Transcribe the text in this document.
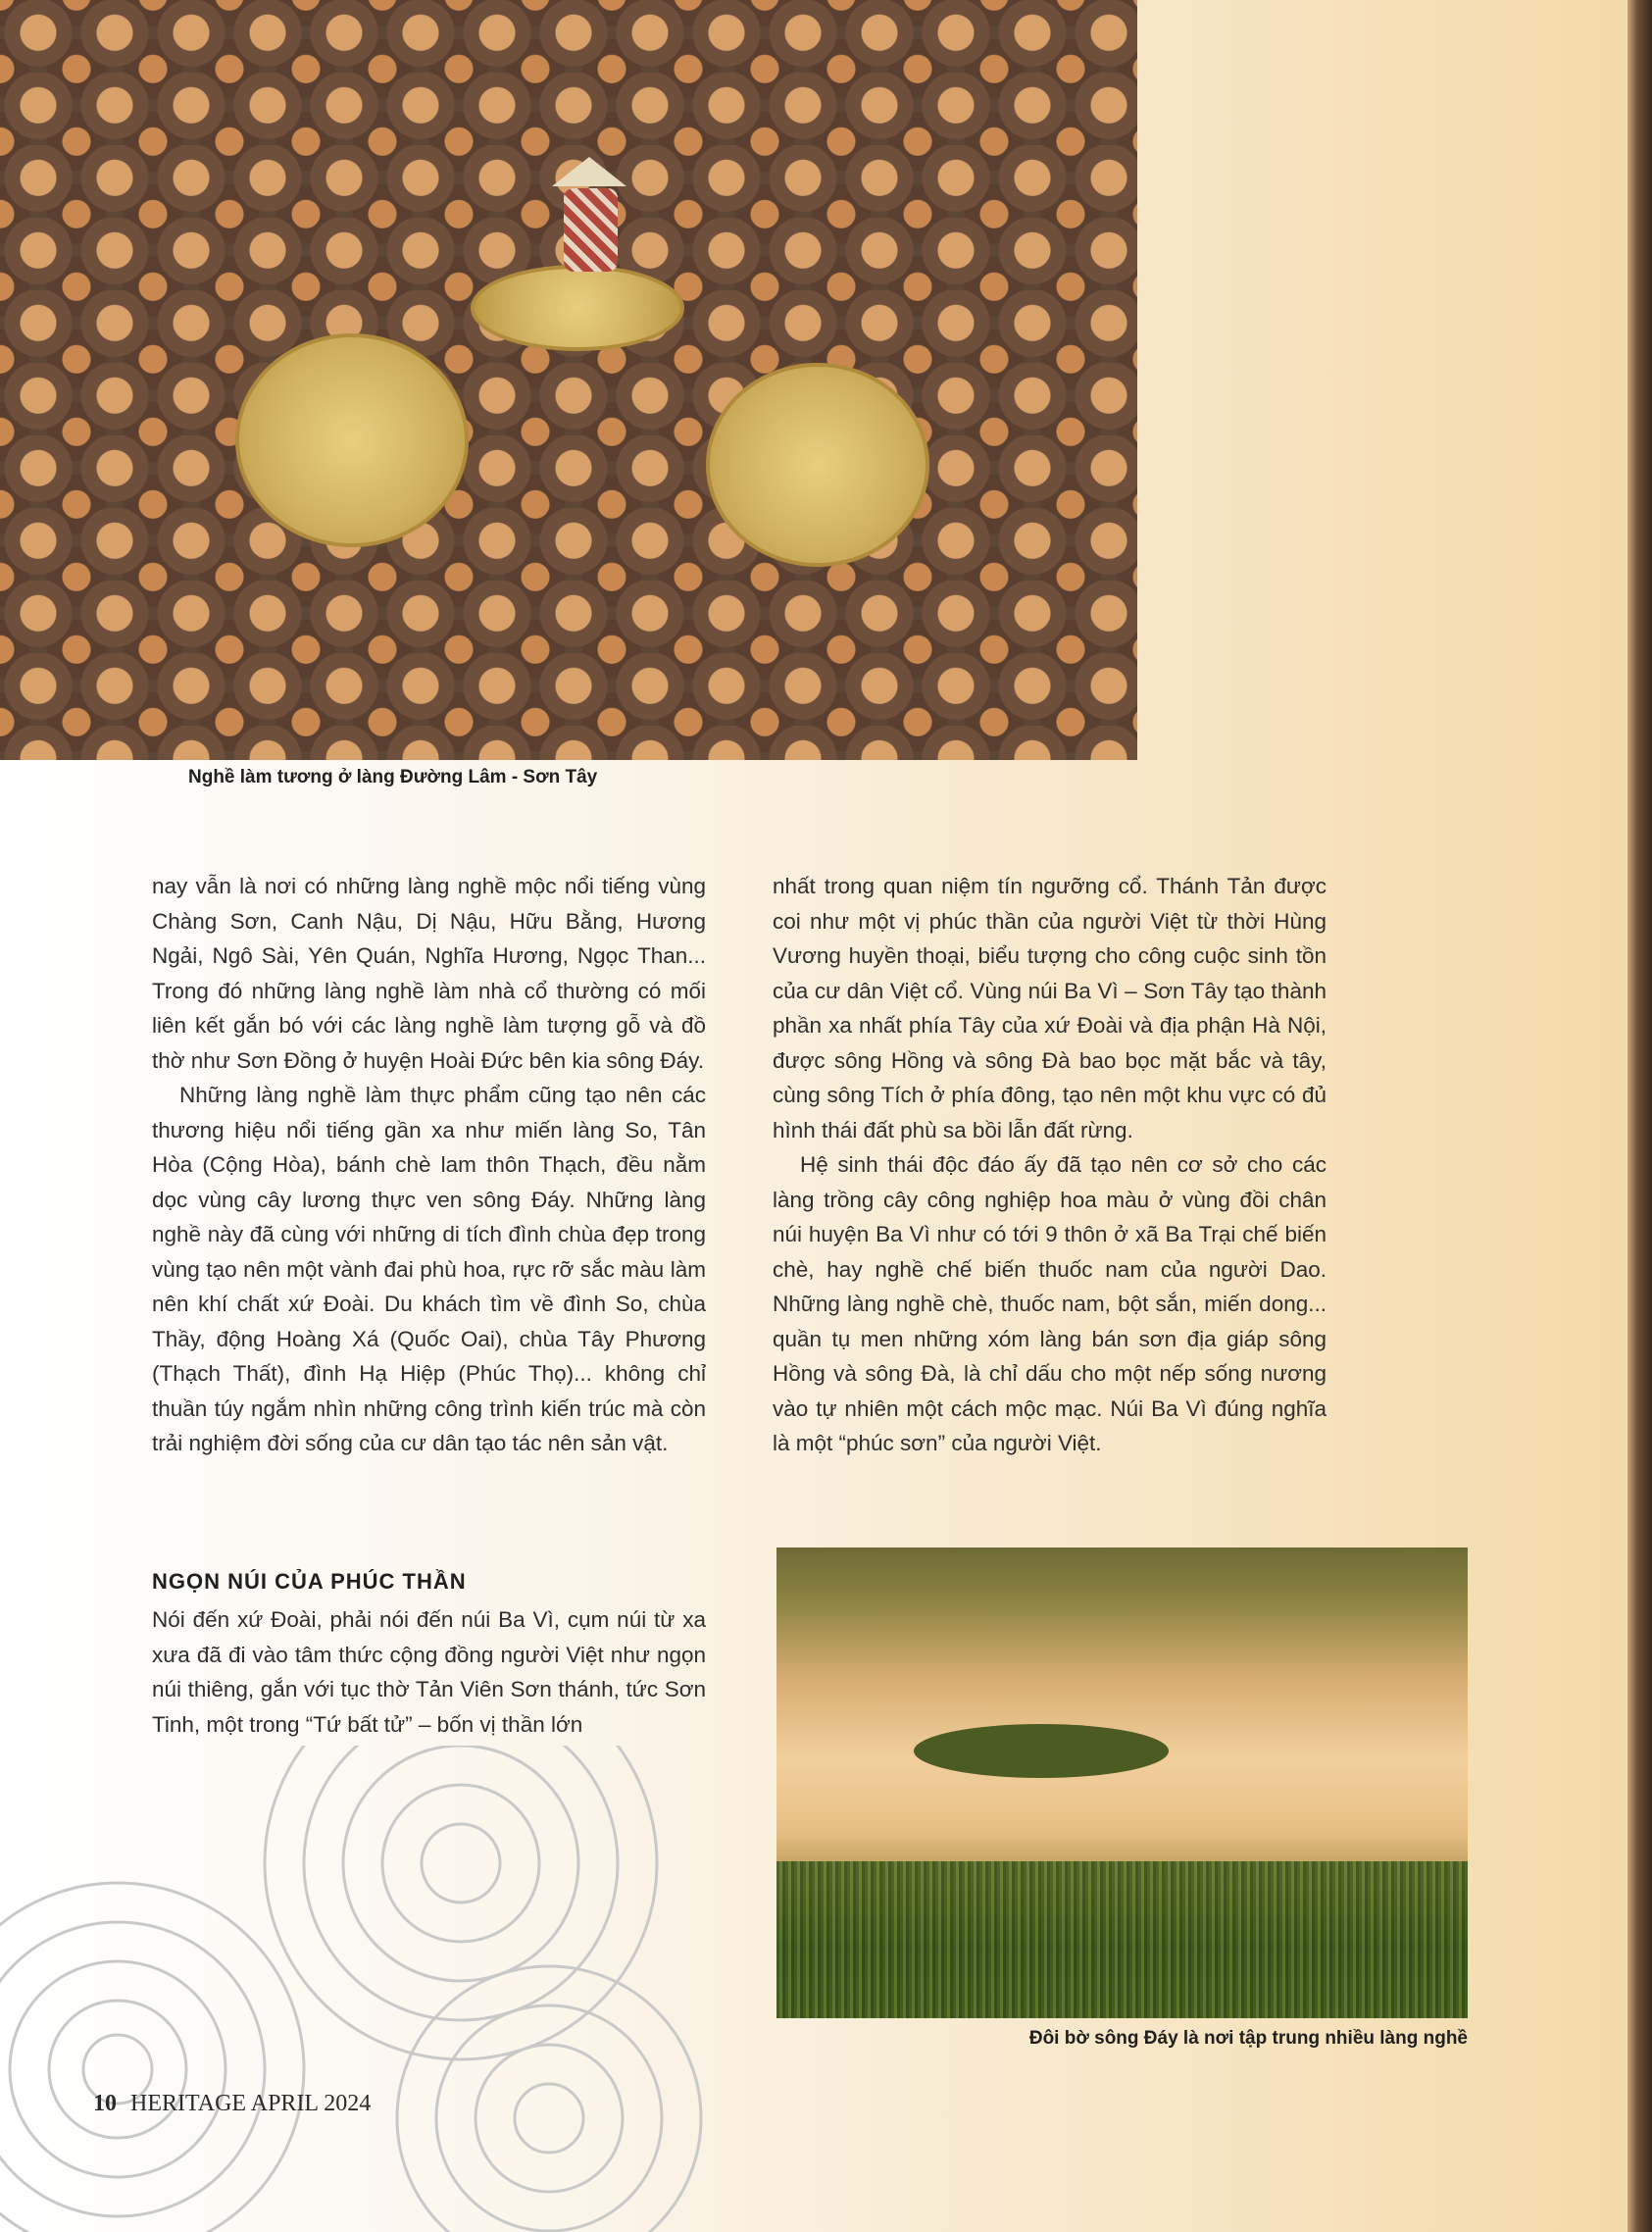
Nghề làm tương ở làng Đường Lâm - Sơn Tây

nay vẫn là nơi có những làng nghề mộc nổi tiếng vùng Chàng Sơn, Canh Nậu, Dị Nậu, Hữu Bằng, Hương Ngải, Ngô Sài, Yên Quán, Nghĩa Hương, Ngọc Than... Trong đó những làng nghề làm nhà cổ thường có mối liên kết gắn bó với các làng nghề làm tượng gỗ và đồ thờ như Sơn Đồng ở huyện Hoài Đức bên kia sông Đáy.

Những làng nghề làm thực phẩm cũng tạo nên các thương hiệu nổi tiếng gần xa như miến làng So, Tân Hòa (Cộng Hòa), bánh chè lam thôn Thạch, đều nằm dọc vùng cây lương thực ven sông Đáy. Những làng nghề này đã cùng với những di tích đình chùa đẹp trong vùng tạo nên một vành đai phù hoa, rực rỡ sắc màu làm nên khí chất xứ Đoài. Du khách tìm về đình So, chùa Thầy, động Hoàng Xá (Quốc Oai), chùa Tây Phương (Thạch Thất), đình Hạ Hiệp (Phúc Thọ)... không chỉ thuần túy ngắm nhìn những công trình kiến trúc mà còn trải nghiệm đời sống của cư dân tạo tác nên sản vật.

NGỌN NÚI CỦA PHÚC THẦN

Nói đến xứ Đoài, phải nói đến núi Ba Vì, cụm núi từ xa xưa đã đi vào tâm thức cộng đồng người Việt như ngọn núi thiêng, gắn với tục thờ Tản Viên Sơn thánh, tức Sơn Tinh, một trong “Tứ bất tử” – bốn vị thần lớn

nhất trong quan niệm tín ngưỡng cổ. Thánh Tản được coi như một vị phúc thần của người Việt từ thời Hùng Vương huyền thoại, biểu tượng cho công cuộc sinh tồn của cư dân Việt cổ. Vùng núi Ba Vì – Sơn Tây tạo thành phần xa nhất phía Tây của xứ Đoài và địa phận Hà Nội, được sông Hồng và sông Đà bao bọc mặt bắc và tây, cùng sông Tích ở phía đông, tạo nên một khu vực có đủ hình thái đất phù sa bồi lẫn đất rừng.

Hệ sinh thái độc đáo ấy đã tạo nên cơ sở cho các làng trồng cây công nghiệp hoa màu ở vùng đồi chân núi huyện Ba Vì như có tới 9 thôn ở xã Ba Trại chế biến chè, hay nghề chế biến thuốc nam của người Dao. Những làng nghề chè, thuốc nam, bột sắn, miến dong... quần tụ men những xóm làng bán sơn địa giáp sông Hồng và sông Đà, là chỉ dấu cho một nếp sống nương vào tự nhiên một cách mộc mạc. Núi Ba Vì đúng nghĩa là một “phúc sơn” của người Việt.

Đôi bờ sông Đáy là nơi tập trung nhiều làng nghề
10 HERITAGE APRIL 2024
